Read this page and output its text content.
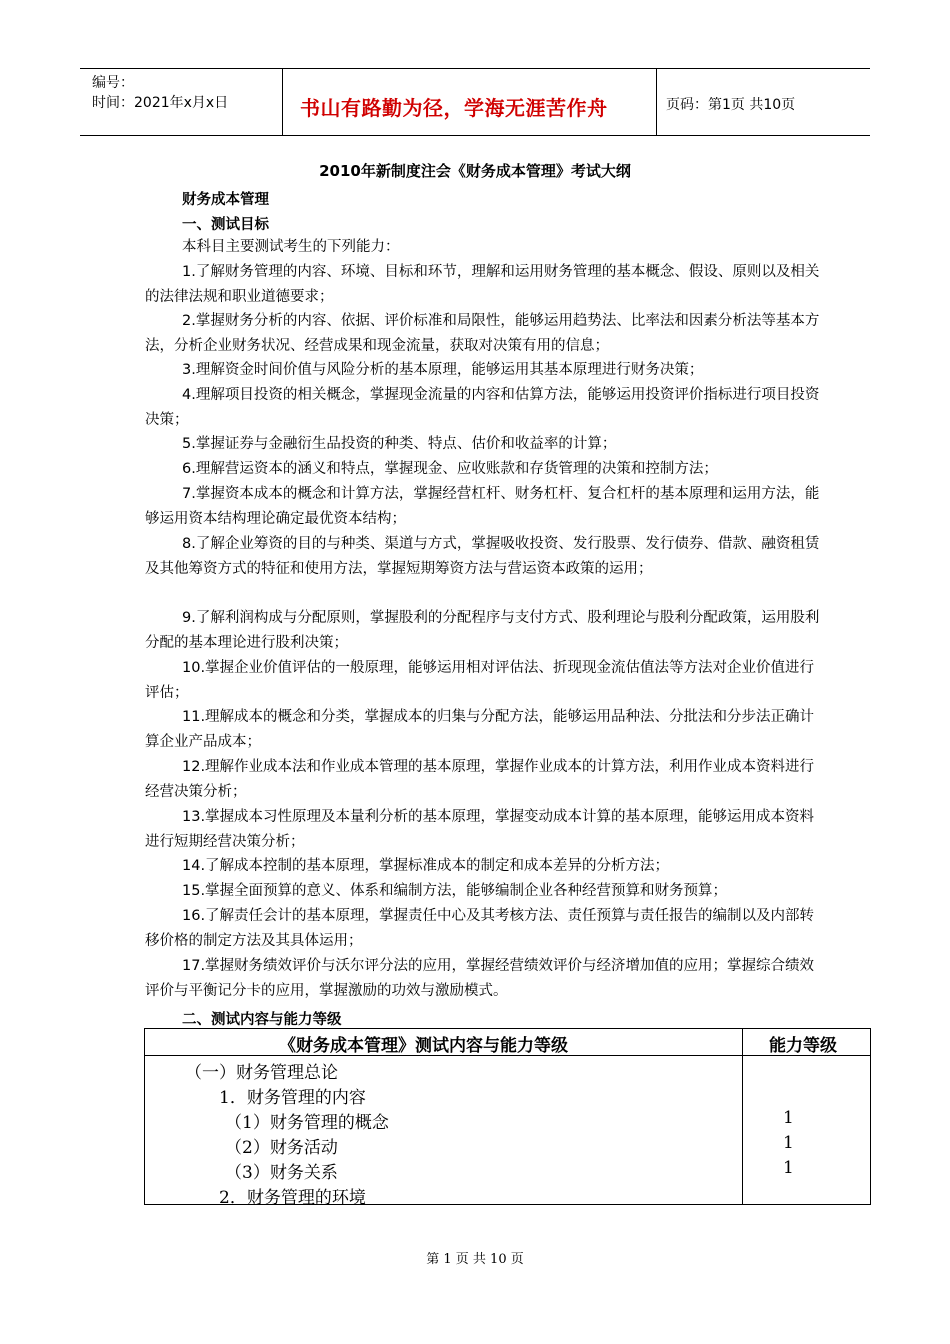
编号：
时间：2021年x月x日	书山有路勤为径，学海无涯苦作舟	页码：第1页 共10页
2010年新制度注会《财务成本管理》考试大纲
财务成本管理
一、测试目标

本科目主要测试考生的下列能力：

1.了解财务管理的内容、环境、目标和环节，理解和运用财务管理的基本概念、假设、原则以及相关的法律法规和职业道德要求；

2.掌握财务分析的内容、依据、评价标准和局限性，能够运用趋势法、比率法和因素分析法等基本方法，分析企业财务状况、经营成果和现金流量，获取对决策有用的信息；

3.理解资金时间价值与风险分析的基本原理，能够运用其基本原理进行财务决策；

4.理解项目投资的相关概念，掌握现金流量的内容和估算方法，能够运用投资评价指标进行项目投资决策；

5.掌握证券与金融衍生品投资的种类、特点、估价和收益率的计算；

6.理解营运资本的涵义和特点，掌握现金、应收账款和存货管理的决策和控制方法；

7.掌握资本成本的概念和计算方法，掌握经营杠杆、财务杠杆、复合杠杆的基本原理和运用方法，能够运用资本结构理论确定最优资本结构；

8.了解企业筹资的目的与种类、渠道与方式，掌握吸收投资、发行股票、发行债券、借款、融资租赁及其他筹资方式的特征和使用方法，掌握短期筹资方法与营运资本政策的运用；

9.了解利润构成与分配原则，掌握股利的分配程序与支付方式、股利理论与股利分配政策，运用股利分配的基本理论进行股利决策；

10.掌握企业价值评估的一般原理，能够运用相对评估法、折现现金流估值法等方法对企业价值进行评估；

11.理解成本的概念和分类，掌握成本的归集与分配方法，能够运用品种法、分批法和分步法正确计算企业产品成本；

12.理解作业成本法和作业成本管理的基本原理，掌握作业成本的计算方法，利用作业成本资料进行经营决策分析；

13.掌握成本习性原理及本量利分析的基本原理，掌握变动成本计算的基本原理，能够运用成本资料进行短期经营决策分析；

14.了解成本控制的基本原理，掌握标准成本的制定和成本差异的分析方法；

15.掌握全面预算的意义、体系和编制方法，能够编制企业各种经营预算和财务预算；

16.了解责任会计的基本原理，掌握责任中心及其考核方法、责任预算与责任报告的编制以及内部转移价格的制定方法及其具体运用；

17.掌握财务绩效评价与沃尔评分法的应用，掌握经营绩效评价与经济增加值的应用；掌握综合绩效评价与平衡记分卡的应用，掌握激励的功效与激励模式。

二、测试内容与能力等级
《财务成本管理》测试内容与能力等级	能力等级
（一）财务管理总论
1．财务管理的内容
（1）财务管理的概念	1
（2）财务活动	1
（3）财务关系	1
2．财务管理的环境
第 1 页 共 10 页
